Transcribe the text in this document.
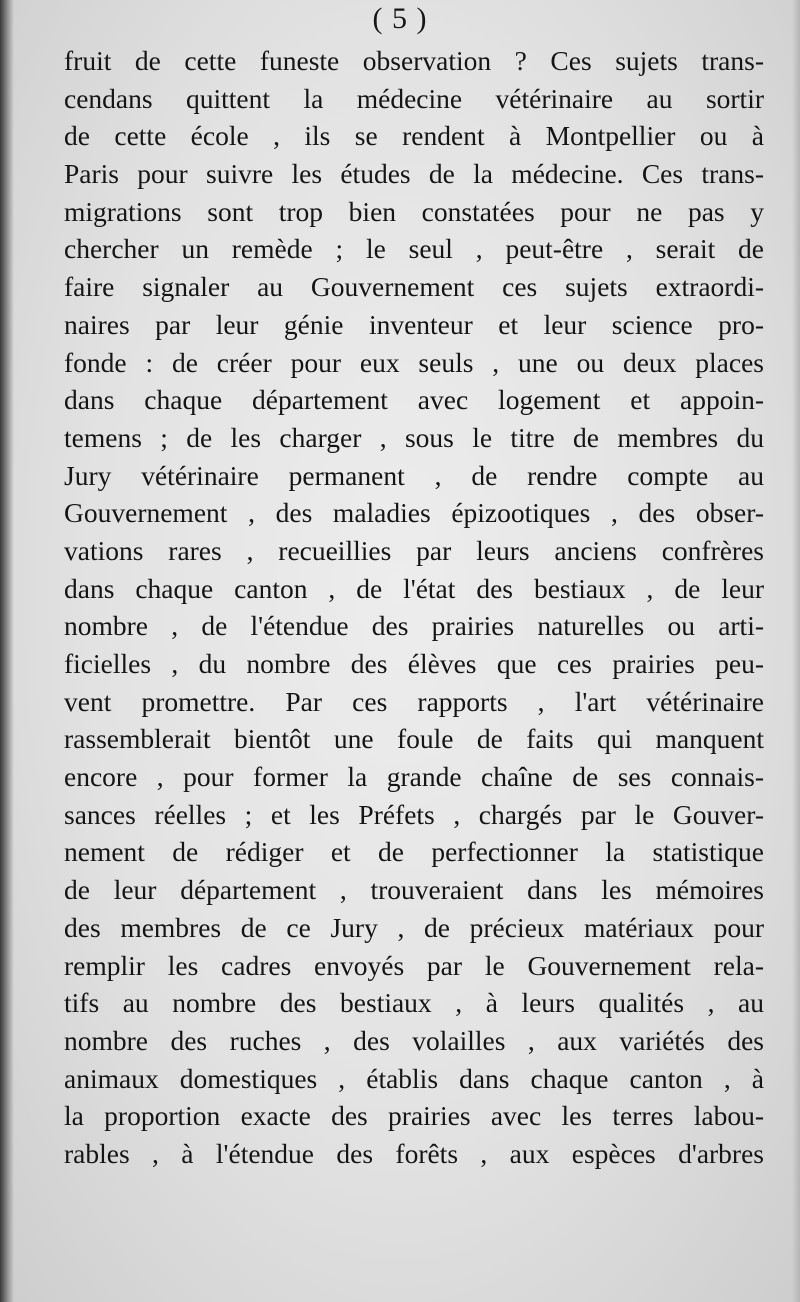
( 5 )
fruit de cette funeste observation ? Ces sujets trans-
cendans quittent la médecine vétérinaire au sortir
de cette école , ils se rendent à Montpellier ou à
Paris pour suivre les études de la médecine. Ces trans-
migrations sont trop bien constatées pour ne pas y
chercher un remède ; le seul , peut-être , serait de
faire signaler au Gouvernement ces sujets extraordi-
naires par leur génie inventeur et leur science pro-
fonde : de créer pour eux seuls , une ou deux places
dans chaque département avec logement et appoin-
temens ; de les charger , sous le titre de membres du
Jury vétérinaire permanent , de rendre compte au
Gouvernement , des maladies épizootiques , des obser-
vations rares , recueillies par leurs anciens confrères
dans chaque canton , de l'état des bestiaux , de leur
nombre , de l'étendue des prairies naturelles ou arti-
ficielles , du nombre des élèves que ces prairies peu-
vent promettre. Par ces rapports , l'art vétérinaire
rassemblerait bientôt une foule de faits qui manquent
encore , pour former la grande chaîne de ses connais-
sances réelles ; et les Préfets , chargés par le Gouver-
nement de rédiger et de perfectionner la statistique
de leur département , trouveraient dans les mémoires
des membres de ce Jury , de précieux matériaux pour
remplir les cadres envoyés par le Gouvernement rela-
tifs au nombre des bestiaux , à leurs qualités , au
nombre des ruches , des volailles , aux variétés des
animaux domestiques , établis dans chaque canton , à
la proportion exacte des prairies avec les terres labou-
rables , à l'étendue des forêts , aux espèces d'arbres
